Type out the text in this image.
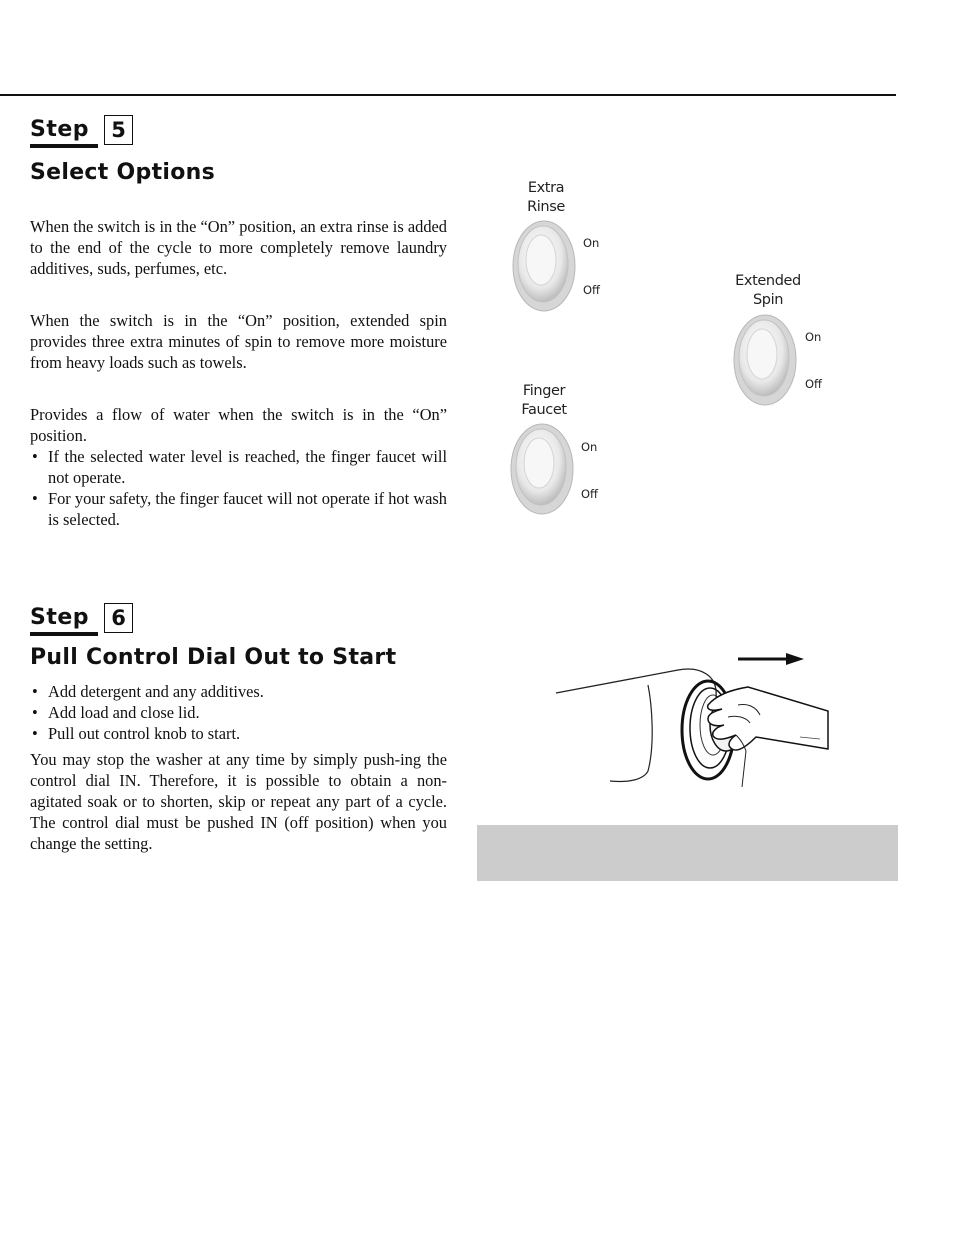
Step	5
Select Options

When the switch is in the “On” position, an extra rinse is added to the end of the cycle to more completely remove laundry additives, suds, perfumes, etc.

When the switch is in the “On” position, extended spin provides three extra minutes of spin to remove more moisture from heavy loads such as towels.

Provides a flow of water when the switch is in the “On” position.
• If the selected water level is reached, the finger faucet will not operate.
• For your safety, the finger faucet will not operate if hot wash is selected.
Extra
Rinse
On
Off
Extended
Spin
On
Off
Finger
Faucet
On
Off
Step	6
Pull Control Dial Out to Start
• Add detergent and any additives.
• Add load and close lid.
• Pull out control knob to start.

You may stop the washer at any time by simply push-ing the control dial IN. Therefore, it is possible to obtain a non-agitated soak or to shorten, skip or repeat any part of a cycle. The control dial must be pushed IN (off position) when you change the setting.
